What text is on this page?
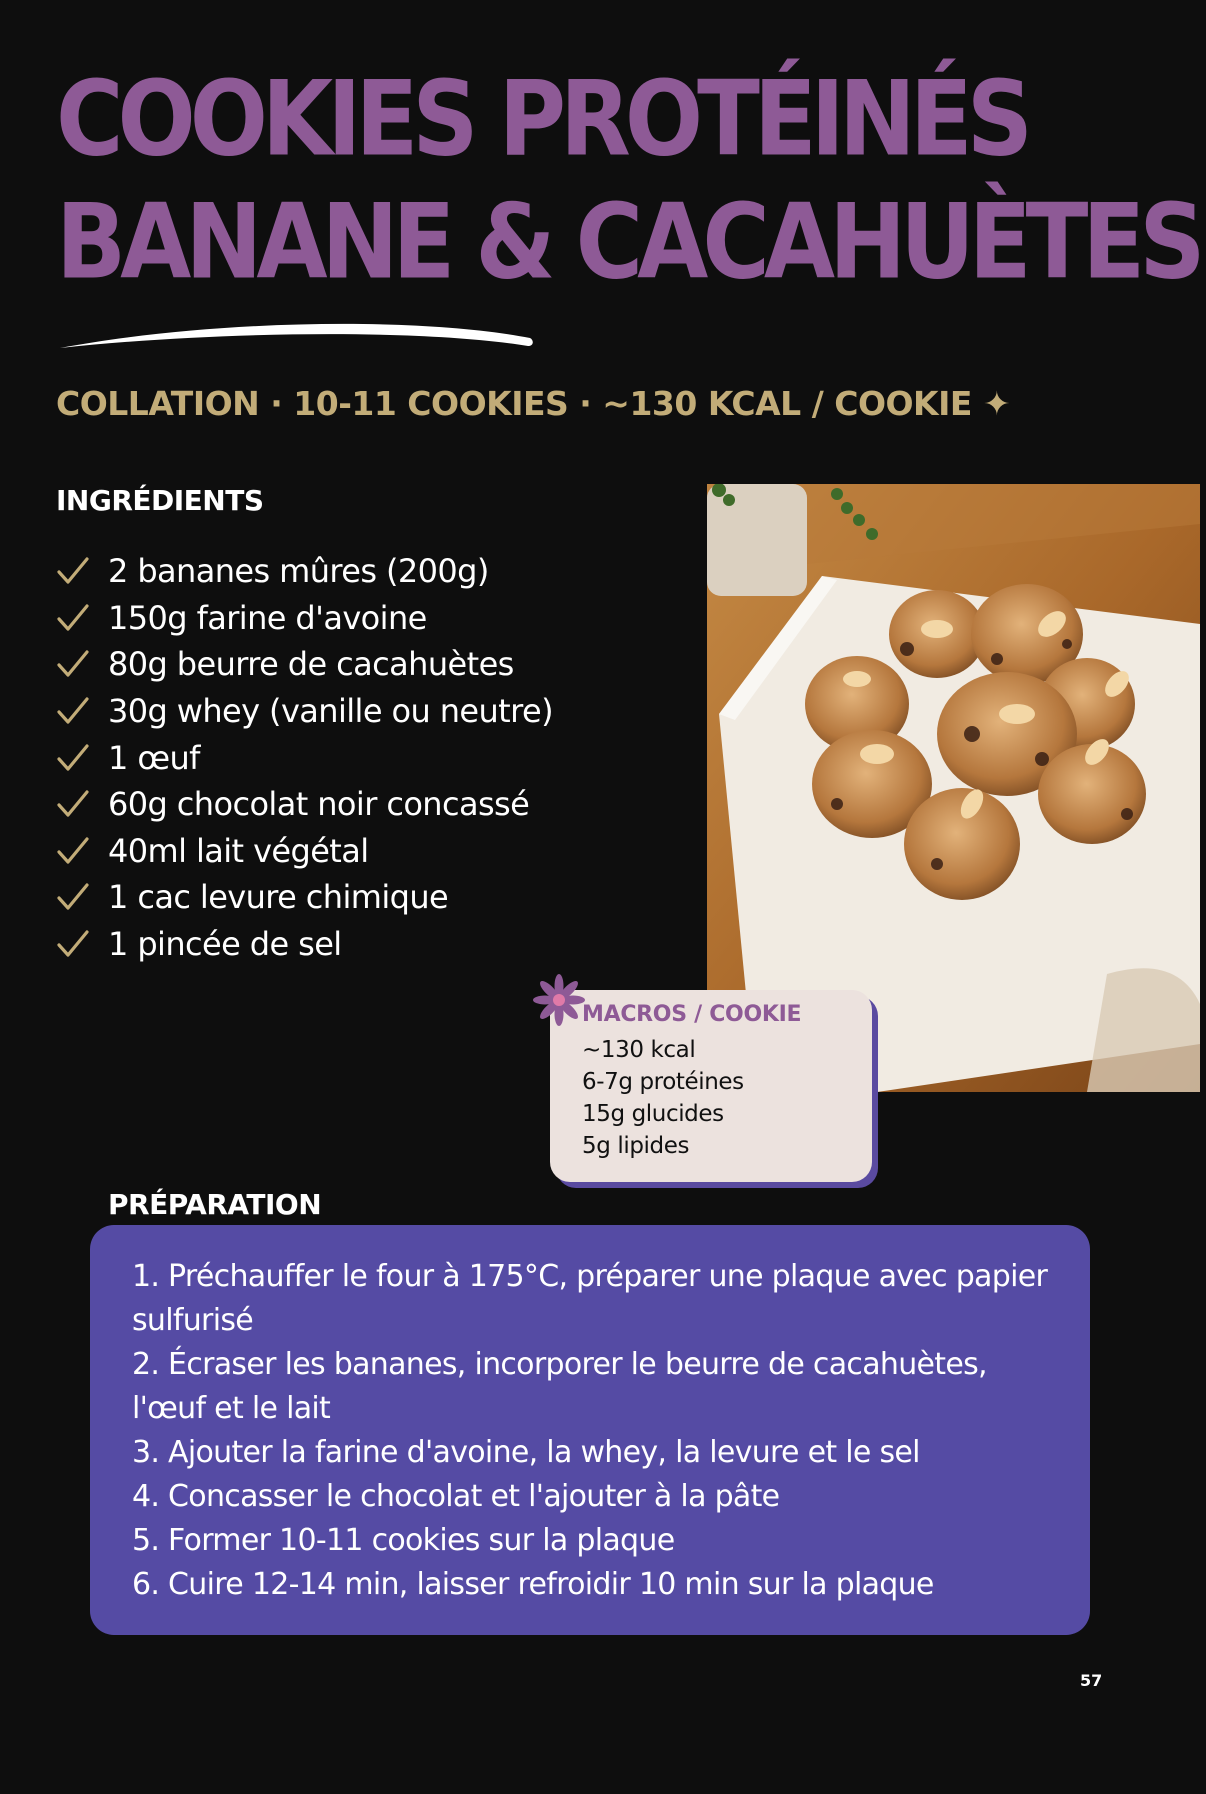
COOKIES PROTÉINÉS
BANANE & CACAHUÈTES
COLLATION · 10-11 COOKIES · ~130 KCAL / COOKIE ✦
INGRÉDIENTS
2 bananes mûres (200g)
150g farine d'avoine
80g beurre de cacahuètes
30g whey (vanille ou neutre)
1 œuf
60g chocolat noir concassé
40ml lait végétal
1 cac levure chimique
1 pincée de sel
MACROS / COOKIE
~130 kcal
6-7g protéines
15g glucides
5g lipides
PRÉPARATION
1. Préchauffer le four à 175°C, préparer une plaque avec papier sulfurisé
2. Écraser les bananes, incorporer le beurre de cacahuètes, l'œuf et le lait
3. Ajouter la farine d'avoine, la whey, la levure et le sel
4. Concasser le chocolat et l'ajouter à la pâte
5. Former 10-11 cookies sur la plaque
6. Cuire 12-14 min, laisser refroidir 10 min sur la plaque
57
